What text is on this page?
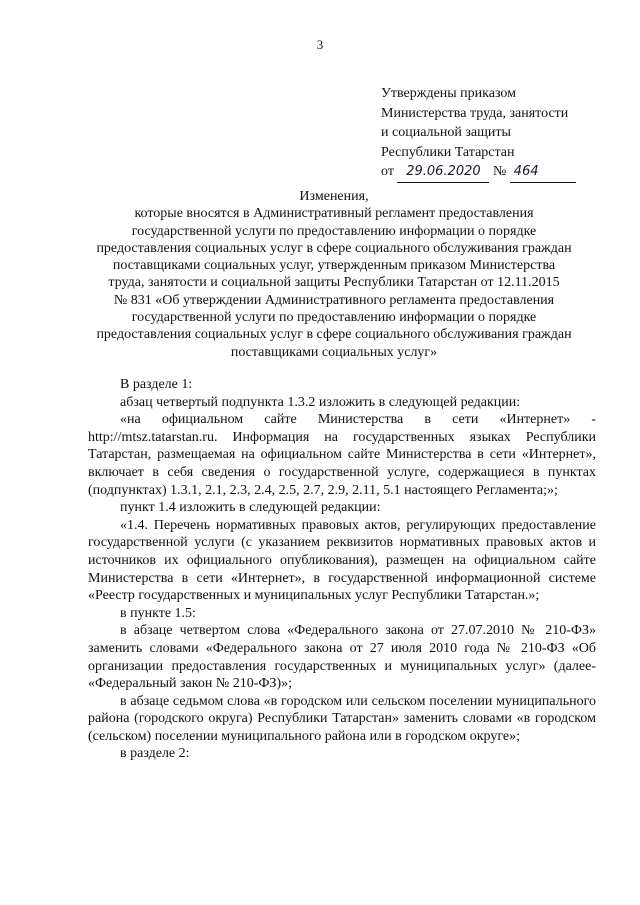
3
Утверждены приказом
Министерства труда, занятости
и социальной защиты
Республики Татарстан
от 29.06.2020 № 464
Изменения,
которые вносятся в Административный регламент предоставления
государственной услуги по предоставлению информации о порядке
предоставления социальных услуг в сфере социального обслуживания граждан
поставщиками социальных услуг, утвержденным приказом Министерства
труда, занятости и социальной защиты Республики Татарстан от 12.11.2015
№ 831 «Об утверждении Административного регламента предоставления
государственной услуги по предоставлению информации о порядке
предоставления социальных услуг в сфере социального обслуживания граждан
поставщиками социальных услуг»

В разделе 1:

абзац четвертый подпункта 1.3.2 изложить в следующей редакции:

«на официальном сайте Министерства в сети «Интернет» - http://mtsz.tatarstan.ru. Информация на государственных языках Республики Татарстан, размещаемая на официальном сайте Министерства в сети «Интернет», включает в себя сведения о государственной услуге, содержащиеся в пунктах (подпунктах) 1.3.1, 2.1, 2.3, 2.4, 2.5, 2.7, 2.9, 2.11, 5.1 настоящего Регламента;»;

пункт 1.4 изложить в следующей редакции:

«1.4. Перечень нормативных правовых актов, регулирующих предоставление государственной услуги (с указанием реквизитов нормативных правовых актов и источников их официального опубликования), размещен на официальном сайте Министерства в сети «Интернет», в государственной информационной системе «Реестр государственных и муниципальных услуг Республики Татарстан.»;

в пункте 1.5:

в абзаце четвертом слова «Федерального закона от 27.07.2010 № 210-ФЗ» заменить словами «Федерального закона от 27 июля 2010 года № 210-ФЗ «Об организации предоставления государственных и муниципальных услуг» (далее- «Федеральный закон № 210-ФЗ)»;

в абзаце седьмом слова «в городском или сельском поселении муниципального района (городского округа) Республики Татарстан» заменить словами «в городском (сельском) поселении муниципального района или в городском округе»;

в разделе 2:
